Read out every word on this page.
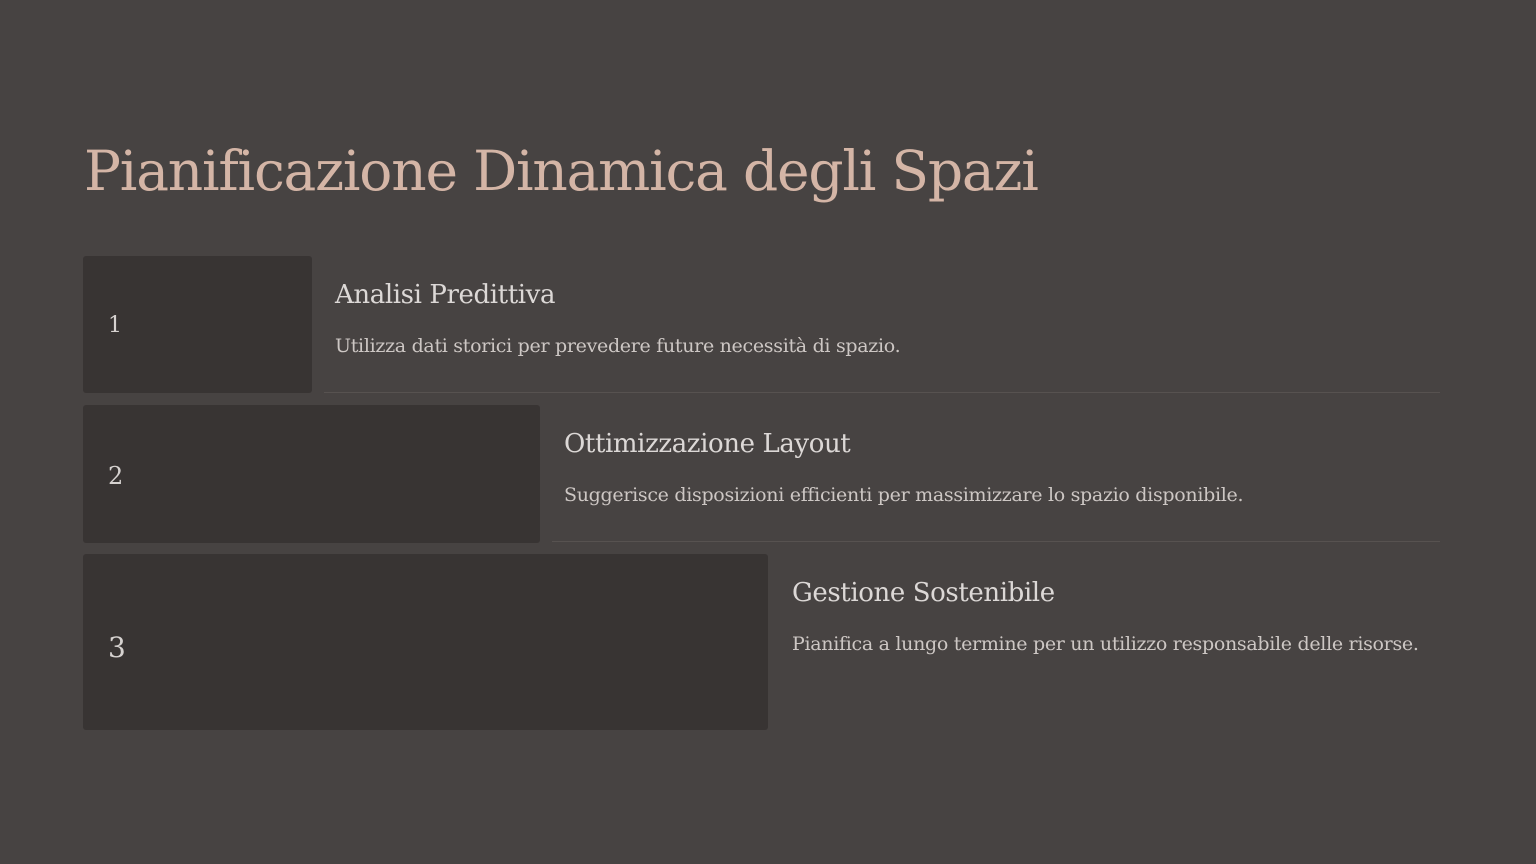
Pianificazione Dinamica degli Spazi
1
Analisi Predittiva

Utilizza dati storici per prevedere future necessità di spazio.

2
Ottimizzazione Layout

Suggerisce disposizioni efficienti per massimizzare lo spazio disponibile.

3
Gestione Sostenibile

Pianifica a lungo termine per un utilizzo responsabile delle risorse.
